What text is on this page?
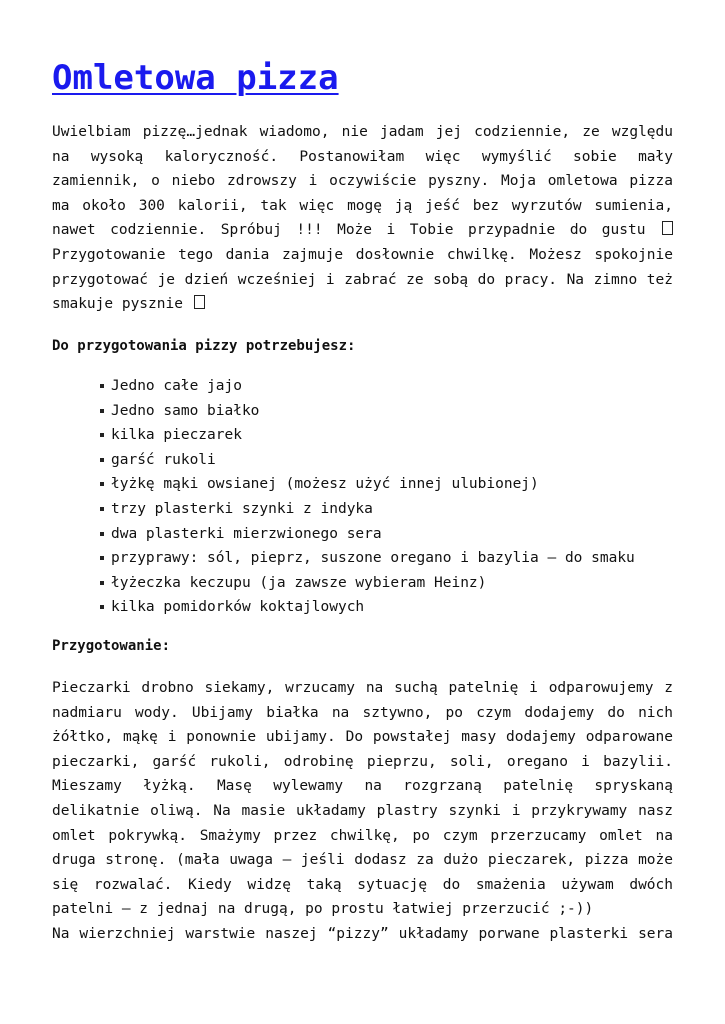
Omletowa pizza
Uwielbiam pizzę…jednak wiadomo, nie jadam jej codziennie, ze względu
na wysoką kaloryczność. Postanowiłam więc wymyślić sobie mały
zamiennik, o niebo zdrowszy i oczywiście pyszny. Moja omletowa pizza
ma około 300 kalorii, tak więc mogę ją jeść bez wyrzutów sumienia,
nawet codziennie. Spróbuj !!! Może i Tobie przypadnie do gustu
Przygotowanie tego dania zajmuje dosłownie chwilkę. Możesz spokojnie
przygotować je dzień wcześniej i zabrać ze sobą do pracy. Na zimno też
smakuje pysznie

Do przygotowania pizzy potrzebujesz:

Jedno całe jajo
Jedno samo białko
kilka pieczarek
garść rukoli
łyżkę mąki owsianej (możesz użyć innej ulubionej)
trzy plasterki szynki z indyka
dwa plasterki mierzwionego sera
przyprawy: sól, pieprz, suszone oregano i bazylia – do smaku
łyżeczka keczupu (ja zawsze wybieram Heinz)
kilka pomidorków koktajlowych

Przygotowanie:

Pieczarki drobno siekamy, wrzucamy na suchą patelnię i odparowujemy z
nadmiaru wody. Ubijamy białka na sztywno, po czym dodajemy do nich
żółtko, mąkę i ponownie ubijamy. Do powstałej masy dodajemy odparowane
pieczarki, garść rukoli, odrobinę pieprzu, soli, oregano i bazylii.
Mieszamy łyżką. Masę wylewamy na rozgrzaną patelnię spryskaną
delikatnie oliwą. Na masie układamy plastry szynki i przykrywamy nasz
omlet pokrywką. Smażymy przez chwilkę, po czym przerzucamy omlet na
druga stronę. (mała uwaga – jeśli dodasz za dużo pieczarek, pizza może
się rozwalać. Kiedy widzę taką sytuację do smażenia używam dwóch
patelni – z jednaj na drugą, po prostu łatwiej przerzucić ;-))
Na wierzchniej warstwie naszej “pizzy” układamy porwane plasterki sera
